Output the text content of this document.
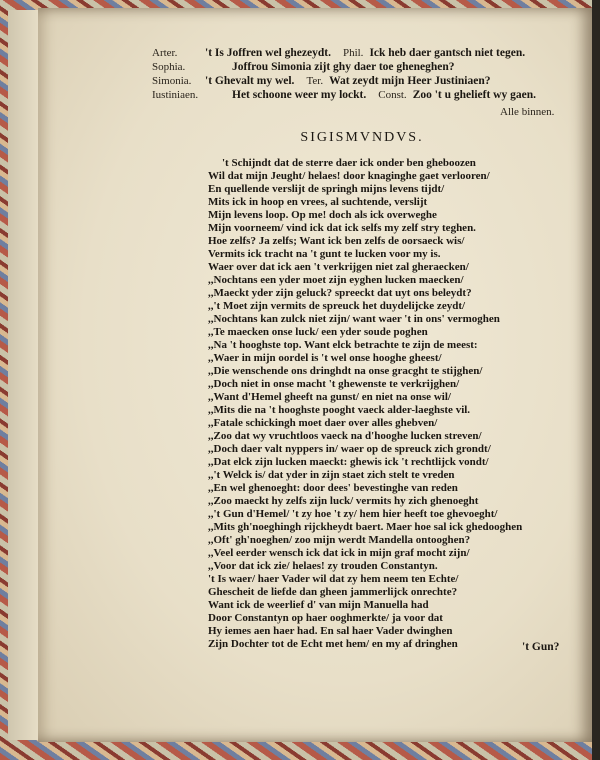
Arter.	't Is Joffren wel ghezeydt. Phil. Ick heb daer gantsch niet tegen.
Sophia.	Joffrou Simonia zijt ghy daer toe gheneghen?
Simonia.	't Ghevalt my wel. Ter. Wat zeydt mijn Heer Justiniaen?
Iustiniaen.	Het schoone weer my lockt. Const. Zoo 't u ghelieft wy gaen.
Alle binnen.
SIGISMVNDVS.
't Schijndt dat de sterre daer ick onder ben gheboozen
Wil dat mijn Jeught/ helaes! door knaginghe gaet verlooren/
En quellende verslijt de springh mijns levens tijdt/
Mits ick in hoop en vrees, al suchtende, verslijt
Mijn levens loop. Op me! doch als ick overweghe
Mijn voorneem/ vind ick dat ick selfs my zelf stry teghen.
Hoe zelfs? Ja zelfs; Want ick ben zelfs de oorsaeck wis/
Vermits ick tracht na 't gunt te lucken voor my is.
Waer over dat ick aen 't verkrijgen niet zal gheraecken/
,,Nochtans een yder moet zijn eyghen lucken maecken/
,,Maeckt yder zijn geluck? spreeckt dat uyt ons beleydt?
,,'t Moet zijn vermits de spreuck het duydelijcke zeydt/
,,Nochtans kan zulck niet zijn/ want waer 't in ons' vermoghen
,,Te maecken onse luck/ een yder soude poghen
,,Na 't hooghste top. Want elck betrachte te zijn de meest:
,,Waer in mijn oordel is 't wel onse hooghe gheest/
,,Die wenschende ons dringhdt na onse gracght te stijghen/
,,Doch niet in onse macht 't ghewenste te verkrijghen/
,,Want d'Hemel gheeft na gunst/ en niet na onse wil/
,,Mits die na 't hooghste pooght vaeck alder-laeghste vil.
,,Fatale schickingh moet daer over alles ghebven/
,,Zoo dat wy vruchtloos vaeck na d'hooghe lucken streven/
,,Doch daer valt nyppers in/ waer op de spreuck zich grondt/
,,Dat elck zijn lucken maeckt: ghewis ick 't rechtlijck vondt/
,,'t Welck is/ dat yder in zijn staet zich stelt te vreden
,,En wel ghenoeght: door dees' bevestinghe van reden
,,Zoo maeckt hy zelfs zijn luck/ vermits hy zich ghenoeght
,,'t Gun d'Hemel/ 't zy hoe 't zy/ hem hier heeft toe ghevoeght/
,,Mits gh'noeghingh rijckheydt baert. Maer hoe sal ick ghedooghen
,,Oft' gh'noeghen/ zoo mijn werdt Mandella ontooghen?
,,Veel eerder wensch ick dat ick in mijn graf mocht zijn/
,,Voor dat ick zie/ helaes! zy trouden Constantyn.
't Is waer/ haer Vader wil dat zy hem neem ten Echte/
Ghescheit de liefde dan gheen jammerlijck onrechte?
Want ick de weerlief d' van mijn Manuella had
Door Constantyn op haer ooghmerkte/ ja voor dat
Hy iemes aen haer had. En sal haer Vader dwinghen
Zijn Dochter tot de Echt met hem/ en my af dringhen	't Gun?
